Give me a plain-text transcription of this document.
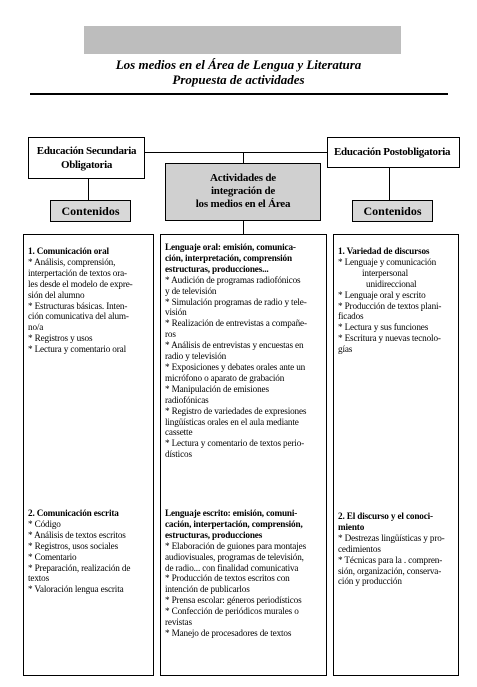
Los medios en el Área de Lengua y Literatura
Propuesta de actividades
Educación Secundaria
Obligatoria
Educación Postobligatoria
Actividades de
integración de
los medios en el Área
Contenidos	Contenidos
1. Comunicación oral
* Análisis, comprensión,
interpertación de textos ora-
les desde el modelo de expre-
sión del alumno
* Estructuras básicas. Inten-
ción comunicativa del alum-
no/a
* Registros y usos
* Lectura y comentario oral
2. Comunicación escrita
* Código
* Análisis de textos escritos
* Registros, usos sociales
* Comentario
* Preparación, realización de
textos
* Valoración lengua escrita
Lenguaje oral: emisión, comunica-
ción, interpretación, comprensión
estructuras, producciones...
* Audición de programas radiofónicos
y de televisión
* Simulación programas de radio y tele-
visión
* Realización de entrevistas a compañe-
ros
* Análisis de entrevistas y encuestas en
radio y televisión
* Exposiciones y debates orales ante un
micrófono o aparato de grabación
* Manipulación de emisiones
radiofónicas
* Registro de variedades de expresiones
lingüísticas orales en el aula mediante
cassette
* Lectura y comentario de textos perio-
dísticos
Lenguaje escrito: emisión, comuni-
cación, interpertación, comprensión,
estructuras, producciones
* Elaboración de guiones para montajes
audiovisuales, programas de televisión,
de radio... con finalidad comunicativa
* Producción de textos escritos con
intención de publicarlos
* Prensa escolar: géneros periodísticos
* Confección de periódicos murales o
revistas
* Manejo de procesadores de textos
1. Variedad de discursos
* Lenguaje y comunicación
interpersonal
unidireccional
* Lenguaje oral y escrito
* Producción de textos plani-
ficados
* Lectura y sus funciones
* Escritura y nuevas tecnolo-
gías
2. El discurso y el conoci-
miento
* Destrezas lingüísticas y pro-
cedimientos
* Técnicas para la . compren-
sión, organización, conserva-
ción y producción
